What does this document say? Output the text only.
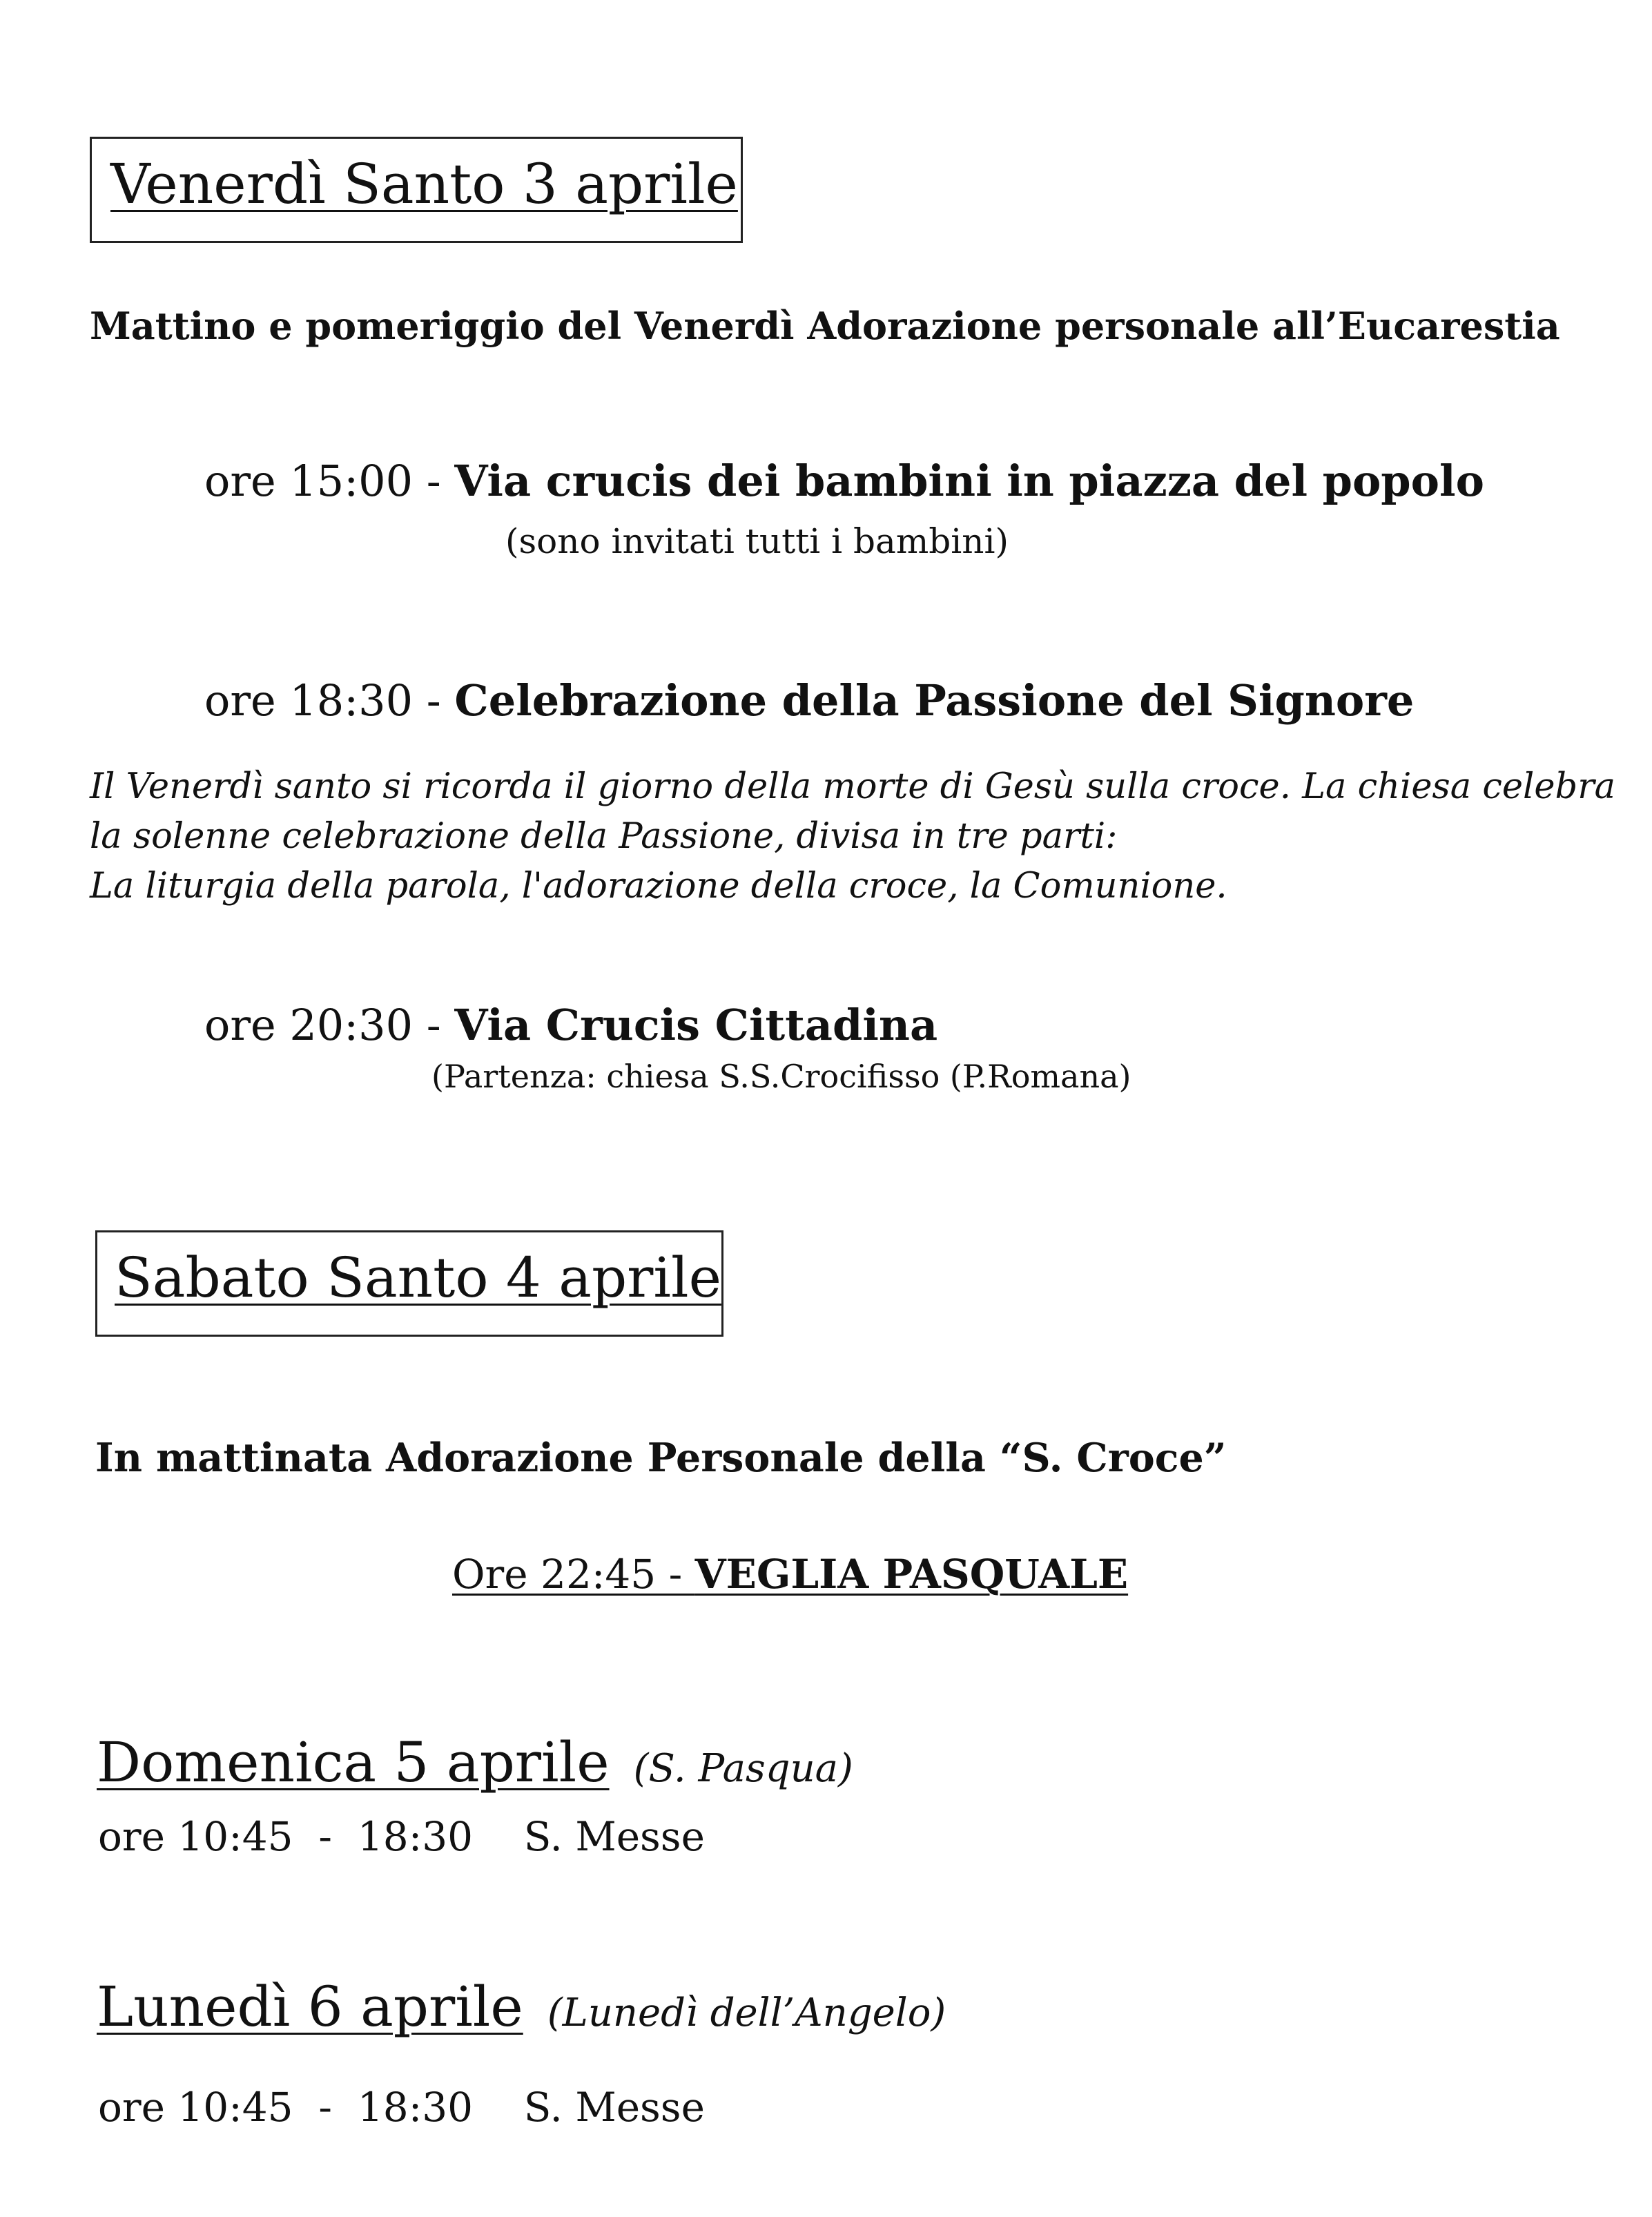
Venerdì Santo 3 aprile
Mattino e pomeriggio del Venerdì Adorazione personale all’Eucarestia
ore 15:00 - Via crucis dei bambini in piazza del popolo
(sono invitati tutti i bambini)
ore 18:30 - Celebrazione della Passione del Signore
Il Venerdì santo si ricorda il giorno della morte di Gesù sulla croce. La chiesa celebra
la solenne celebrazione della Passione, divisa in tre parti:
La liturgia della parola, l'adorazione della croce, la Comunione.
ore 20:30 - Via Crucis Cittadina
(Partenza: chiesa S.S.Crocifisso (P.Romana)
Sabato Santo 4 aprile
In mattinata Adorazione Personale della “S. Croce”
Ore 22:45 - VEGLIA PASQUALE
Domenica 5 aprile (S. Pasqua)
ore 10:45  -  18:30    S. Messe
Lunedì 6 aprile (Lunedì dell’Angelo)
ore 10:45  -  18:30    S. Messe
